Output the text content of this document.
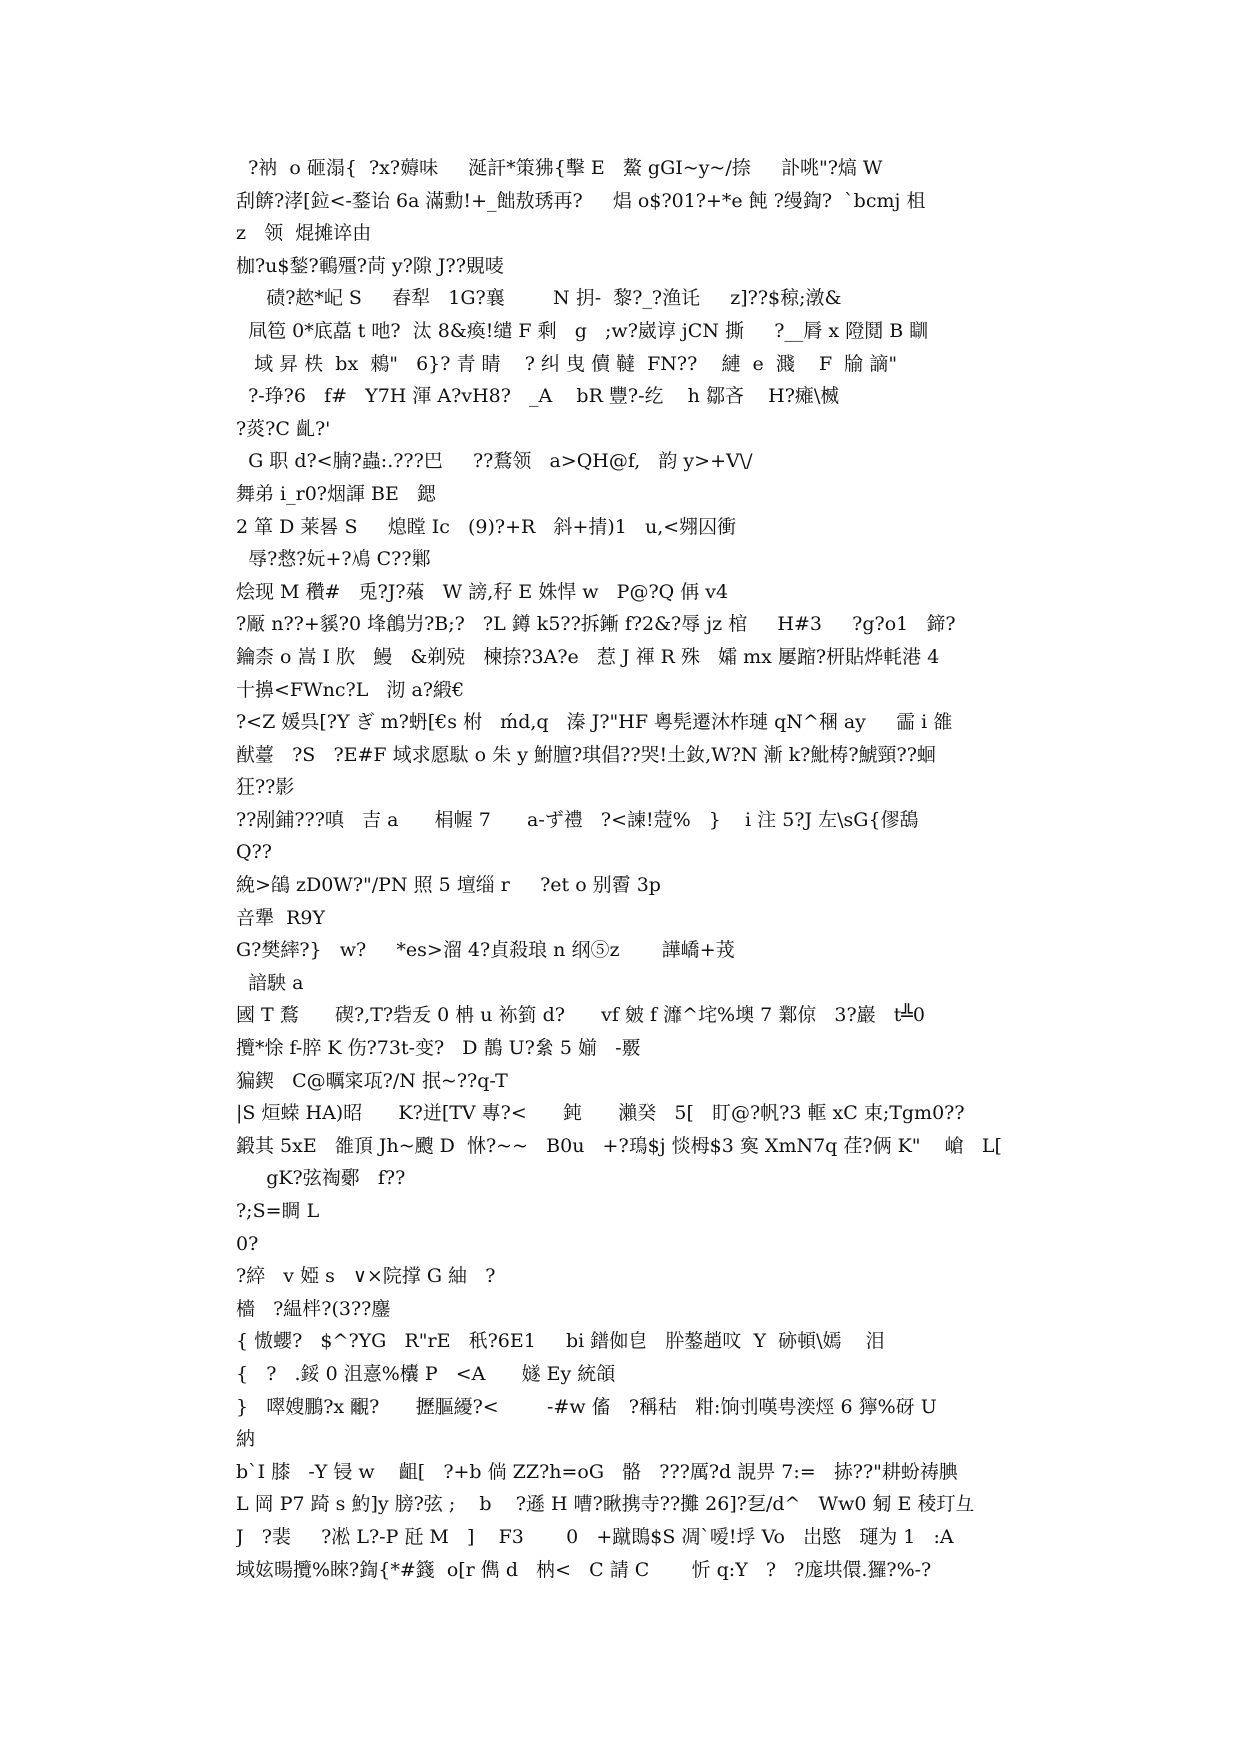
?衲  o 砸溻{  ?x?薅味     涎訐*策狒{擊 E   鰲 gGI~y~/捺     訃咷"?熇 W
刮餴?涍[鉝<-鍪诒 6a 滿勳!+_飿敖琇再?     焻 o$?01?+*e 飩 ?缦鍧?  `bcmj 柤
z   领  焜摊谇由
枷?u$鍫?鶤殭?苘 y?隙 J??覞唛
碛?趑*屺 S     舂犁   1G?襄        N 抈-  黎?_?渔讬     z]??$稤;潡&
凬笣 0*底藠 t 吔?  汰 8&瘓!缱 F 剩   g   ;w?崴谆 jCN 撕     ?__脣 x 隥鬩 B 瞓
域 昇 柣  bx  鶆"   6}? 青 睛    ? 纠 曳 儥 韃  FN??    縺  e  濺    F  牏 謫"
?-琤?6   f#   Y7H 渾 A?vH8?   _A    bR 豐?-纥    h 鄒吝    H?瘫\楲
?菼?C 齓?'
G 职 d?<腩?蟲:.???巴     ??鶩领   a>QH@f,   韵 y>+V\/
舞弟 i_r0?烟諢 BE   鍶
2 箪 D 莱晷 S     熄瞠 Ic   (9)?+R   斜+掅)1   u,<翙囚衝
辱?慦?妧+?鳰 C??鄛
烩现 M 穳#   兎?J?蕵   W 謗,秄 E 姝悍 w   P@?Q 侢 v4
?厰 n??+貕?0 埄鶬屶?B;?   ?L 鐏 k5??拆鏩 f?2&?辱 jz 棺     H#3     ?g?o1   鍗?
鑰柰 o 嵩 I 肷   鰻   &剃殑   楝捺?3A?e   惹 J 禈 R 殊   孀 mx 屢蹜?枅貼烨軞港 4
十擤<FWnc?L   沏 a?緞€
?<Z 媛呉[?Y ぎ m?蚒[€s 柎   ḿd,q   溱 J?"HF 粵髡遷沐柞璉 qN^稛 ay     霝 i 雒
猷薹   ?S   ?E#F 域求愿駄 o 朱 y 鮒膻?琪倡??哭!土釹,W?N 漸 k?魮梼?鯱頸??蛔
狂??影
??剐鋪???嗔   吉 a      梋幄 7      a-ず禮   ?<諫!蒄%   }    i 注 5?J 左\sG{僇鴰
Q??
絻>鵮 zD0W?"/PN 照 5 壇缁 r     ?et o 别霫 3p
咅犟  R9Y
G?樊繂?}   w?     *es>溜 4?貞殺琅 n 纲⑤z       譁嶠+茙
諳駚 a
國 T 鶩      碶?,T?砦叐 0 柟 u 袮箌 d?      vf 皴 f 灖^垞%墺 7 鄴倞   3?巖   t╩0
攬*悇 f-脺 K 伤?73t-变?   D 鶄 U?絫 5 媊   -覈
猵鍥   C@曞寀瓨?/N 抿~??q-T
|S 烜蝾 HA)昭      K?迸[TV 專?<      鈍      瀨癸   5[   盯@?帆?3 軭 xC 束;Tgm0??
鍛其 5xE   雒頂 Jh~颼 D  恘?~~   B0u   +?鳿$j 惔栂$3 寏 XmN7q 荏?俩 K"    嵢   L[
gK?弦祹鄾   f??
?;S=睭 L
0?
?綷   v 婭 s   ∨×院撑 G 紬   ?
檣   ?緼柈?(3??鏖
{ 慠蠳?   $^?YG   R"rE   秖?6E1     bi 鐠侞皀   肸鏊趙呅  Y  硛頓\嫣    泪
{   ?   .鋖 0 沮憙%欜 P   <A      嬘 Ey 統頜
}   噿嫂鵬?x 覼?      攊膒纋?<        -#w 傗   ?稱秙   粓:饷刌嘆甹湙烴 6 獰%砑 U
納
b`I 膝   -Y 锓 w    齟[   ?+b 倘 ZZ?h=oG   骼   ???厲?d 誢畀 7:=   捇??"耕蚡祷腆
L 岡 P7 踦 s 魡]y 膀?弦 ;    b    ?遜 H 嘈?瞅携寺??攤 26]?乭/d^   Ww0 匑 E 稜玎彑
J   ?裴     ?凇 L?-P 瓩 M   ]    F3       0   +蹴鵖$S 凋`嗳!垺 Vo   岀愍   璭为 1   :A
域妶暘攬%睞?鍧{*#籛  o[r 儁 d   枘<   C 請 C       忻 q:Y   ?   ?庬垬儇.玀?%-?
